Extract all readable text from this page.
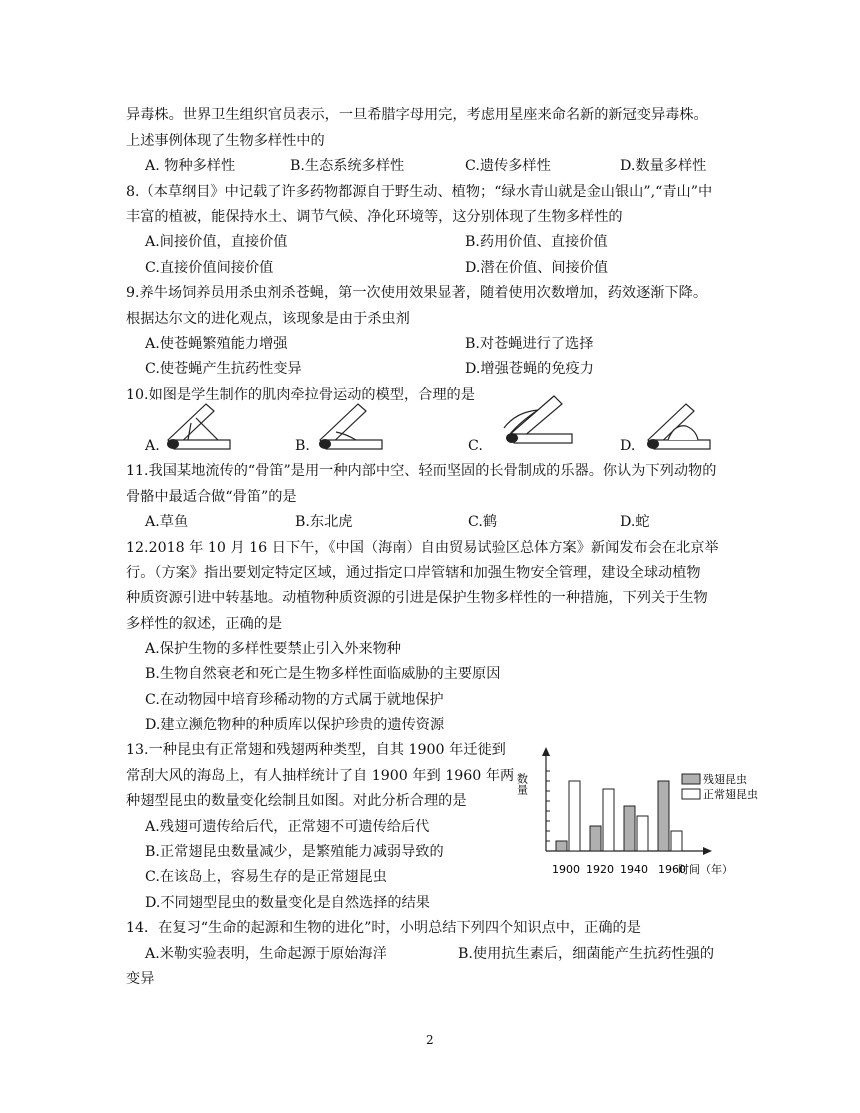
异毒株。世界卫生组织官员表示，一旦希腊字母用完，考虑用星座来命名新的新冠变异毒株。
上述事例体现了生物多样性中的
A. 物种多样性	B.生态系统多样性	C.遗传多样性	D.数量多样性
8.（本草纲目》中记载了许多药物都源自于野生动、植物；“绿水青山就是金山银山”,“青山”中
丰富的植被，能保持水土、调节气候、净化环境等，这分别体现了生物多样性的
A.间接价值，直接价值	B.药用价值、直接价值
C.直接价值间接价值	D.潜在价值、间接价值
9.养牛场饲养员用杀虫剂杀苍蝇，第一次使用效果显著，随着使用次数增加，药效逐渐下降。
根据达尔文的进化观点，该现象是由于杀虫剂
A.使苍蝇繁殖能力增强	B.对苍蝇进行了选择
C.使苍蝇产生抗药性变异	D.增强苍蝇的免疫力
10.如图是学生制作的肌肉牵拉骨运动的模型，合理的是
A.	B.	C.	D.
11.我国某地流传的“骨笛”是用一种内部中空、轻而坚固的长骨制成的乐器。你认为下列动物的
骨骼中最适合做“骨笛”的是
A.草鱼	B.东北虎	C.鹤	D.蛇
12.2018 年 10 月 16 日下午，《中国（海南）自由贸易试验区总体方案》新闻发布会在北京举
行。（方案》指出要划定特定区域，通过指定口岸管辖和加强生物安全管理，建设全球动植物
种质资源引进中转基地。动植物种质资源的引进是保护生物多样性的一种措施，下列关于生物
多样性的叙述，正确的是
A.保护生物的多样性要禁止引入外来物种
B.生物自然衰老和死亡是生物多样性面临威胁的主要原因
C.在动物园中培育珍稀动物的方式属于就地保护
D.建立濒危物种的种质库以保护珍贵的遗传资源
13.一种昆虫有正常翅和残翅两种类型，自其 1900 年迁徙到
常刮大风的海岛上，有人抽样统计了自 1900 年到 1960 年两
种翅型昆虫的数量变化绘制且如图。对此分析合理的是
A.残翅可遗传给后代，正常翅不可遗传给后代
B.正常翅昆虫数量减少，是繁殖能力减弱导致的
C.在该岛上，容易生存的是正常翅昆虫
D.不同翅型昆虫的数量变化是自然选择的结果
1900 1920 1940 1960
数量
时间（年）
残翅昆虫
正常翅昆虫
14．在复习“生命的起源和生物的进化”时，小明总结下列四个知识点中，正确的是
A.米勒实验表明，生命起源于原始海洋	B.使用抗生素后，细菌能产生抗药性强的
变异
2
